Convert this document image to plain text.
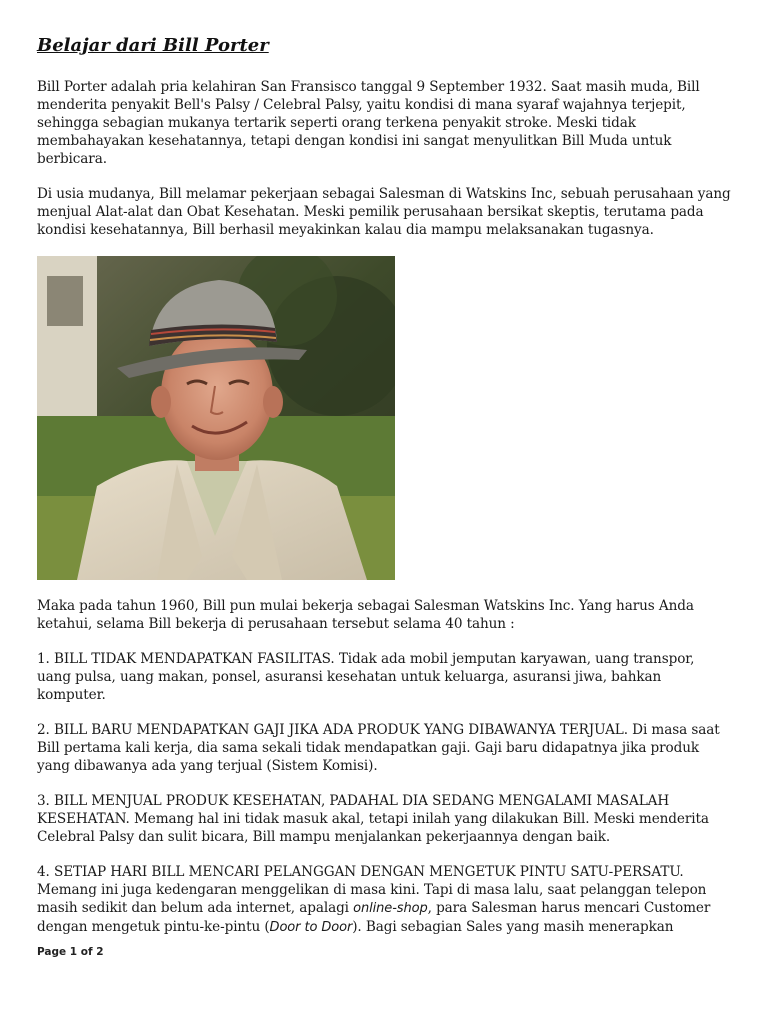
Belajar dari Bill Porter

Bill Porter adalah pria kelahiran San Fransisco tanggal 9 September 1932. Saat masih muda, Bill menderita penyakit Bell's Palsy / Celebral Palsy, yaitu kondisi di mana syaraf wajahnya terjepit, sehingga sebagian mukanya tertarik seperti orang terkena penyakit stroke. Meski tidak membahayakan kesehatannya, tetapi dengan kondisi ini sangat menyulitkan Bill Muda untuk berbicara.

Di usia mudanya, Bill melamar pekerjaan sebagai Salesman di Watskins Inc, sebuah perusahaan yang menjual Alat-alat dan Obat Kesehatan. Meski pemilik perusahaan bersikat skeptis, terutama pada kondisi kesehatannya, Bill berhasil meyakinkan kalau dia mampu melaksanakan tugasnya.

Maka pada tahun 1960, Bill pun mulai bekerja sebagai Salesman Watskins Inc. Yang harus Anda ketahui, selama Bill bekerja di perusahaan tersebut selama 40 tahun :

1. BILL TIDAK MENDAPATKAN FASILITAS. Tidak ada mobil jemputan karyawan, uang transpor, uang pulsa, uang makan, ponsel, asuransi kesehatan untuk keluarga, asuransi jiwa, bahkan komputer.

2. BILL BARU MENDAPATKAN GAJI JIKA ADA PRODUK YANG DIBAWANYA TERJUAL. Di masa saat Bill pertama kali kerja, dia sama sekali tidak mendapatkan gaji. Gaji baru didapatnya jika produk yang dibawanya ada yang terjual (Sistem Komisi).

3. BILL MENJUAL PRODUK KESEHATAN, PADAHAL DIA SEDANG MENGALAMI MASALAH KESEHATAN. Memang hal ini tidak masuk akal, tetapi inilah yang dilakukan Bill. Meski menderita Celebral Palsy dan sulit bicara, Bill mampu menjalankan pekerjaannya dengan baik.

4. SETIAP HARI BILL MENCARI PELANGGAN DENGAN MENGETUK PINTU SATU-PERSATU. Memang ini juga kedengaran menggelikan di masa kini. Tapi di masa lalu, saat pelanggan telepon masih sedikit dan belum ada internet, apalagi online-shop, para Salesman harus mencari Customer dengan mengetuk pintu-ke-pintu (Door to Door). Bagi sebagian Sales yang masih menerapkan

Page 1 of 2
